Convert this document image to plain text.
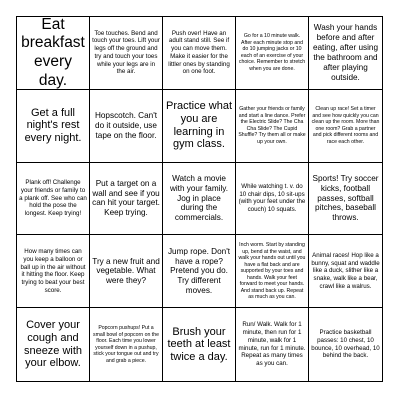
Eat breakfast every day.
Toe touches. Bend and touch your toes. Lift your legs off the ground and try and touch your toes while your legs are in the air.
Push over! Have an adult stand still. See if you can move them. Make it easier for the littler ones by standing on one foot.
Go for a 10 minute walk. After each minute stop and do 10 jumping jacks or 10 each of an exercise of your choice. Remember to stretch when you are done.
Wash your hands before and after eating, after using the bathroom and after playing outside.
Get a full night's rest every night.
Hopscotch. Can't do it outside, use tape on the floor.
Practice what you are learning in gym class.
Gather your friends or family and start a line dance. Prefer the Electric Slide? The Cha Cha Slide? The Cupid Shuffle? Try them all or make up your own.
Clean up race! Set a timer and see how quickly you can clean up the room. More than one room? Grab a partner and pick different rooms and race each other.
Plank off! Challenge your friends or family to a plank off. See who can hold the pose the longest. Keep trying!
Put a target on a wall and see if you can hit your target. Keep trying.
Watch a movie with your family. Jog in place during the commercials.
While watching t. v. do 10 chair dips, 10 sit-ups (with your feet under the couch) 10 squats.
Sports! Try soccer kicks, football passes, softball pitches, baseball throws.
How many times can you keep a balloon or ball up in the air without it hitting the floor. Keep trying to beat your best score.
Try a new fruit and vegetable. What were they?
Jump rope. Don't have a rope? Pretend you do. Try different moves.
Inch worm. Start by standing up, bend at the waist, and walk your hands out until you have a flat back and are supported by your toes and hands. Walk your feet forward to meet your hands. And stand back up. Repeat as much as you can.
Animal races! Hop like a bunny, squat and waddle like a duck, slither like a snake, walk like a bear, crawl like a walrus.
Cover your cough and sneeze with your elbow.
Popcorn pushups! Put a small bowl of popcorn on the floor. Each time you lower yourself down in a pushup, stick your tongue out and try and grab a piece.
Brush your teeth at least twice a day.
Run/ Walk. Walk for 1 minute, then run for 1 minute, walk for 1 minute, run for 1 minute. Repeat as many times as you can.
Practice basketball passes: 10 chest, 10 bounce, 10 overhead, 10 behind the back.
